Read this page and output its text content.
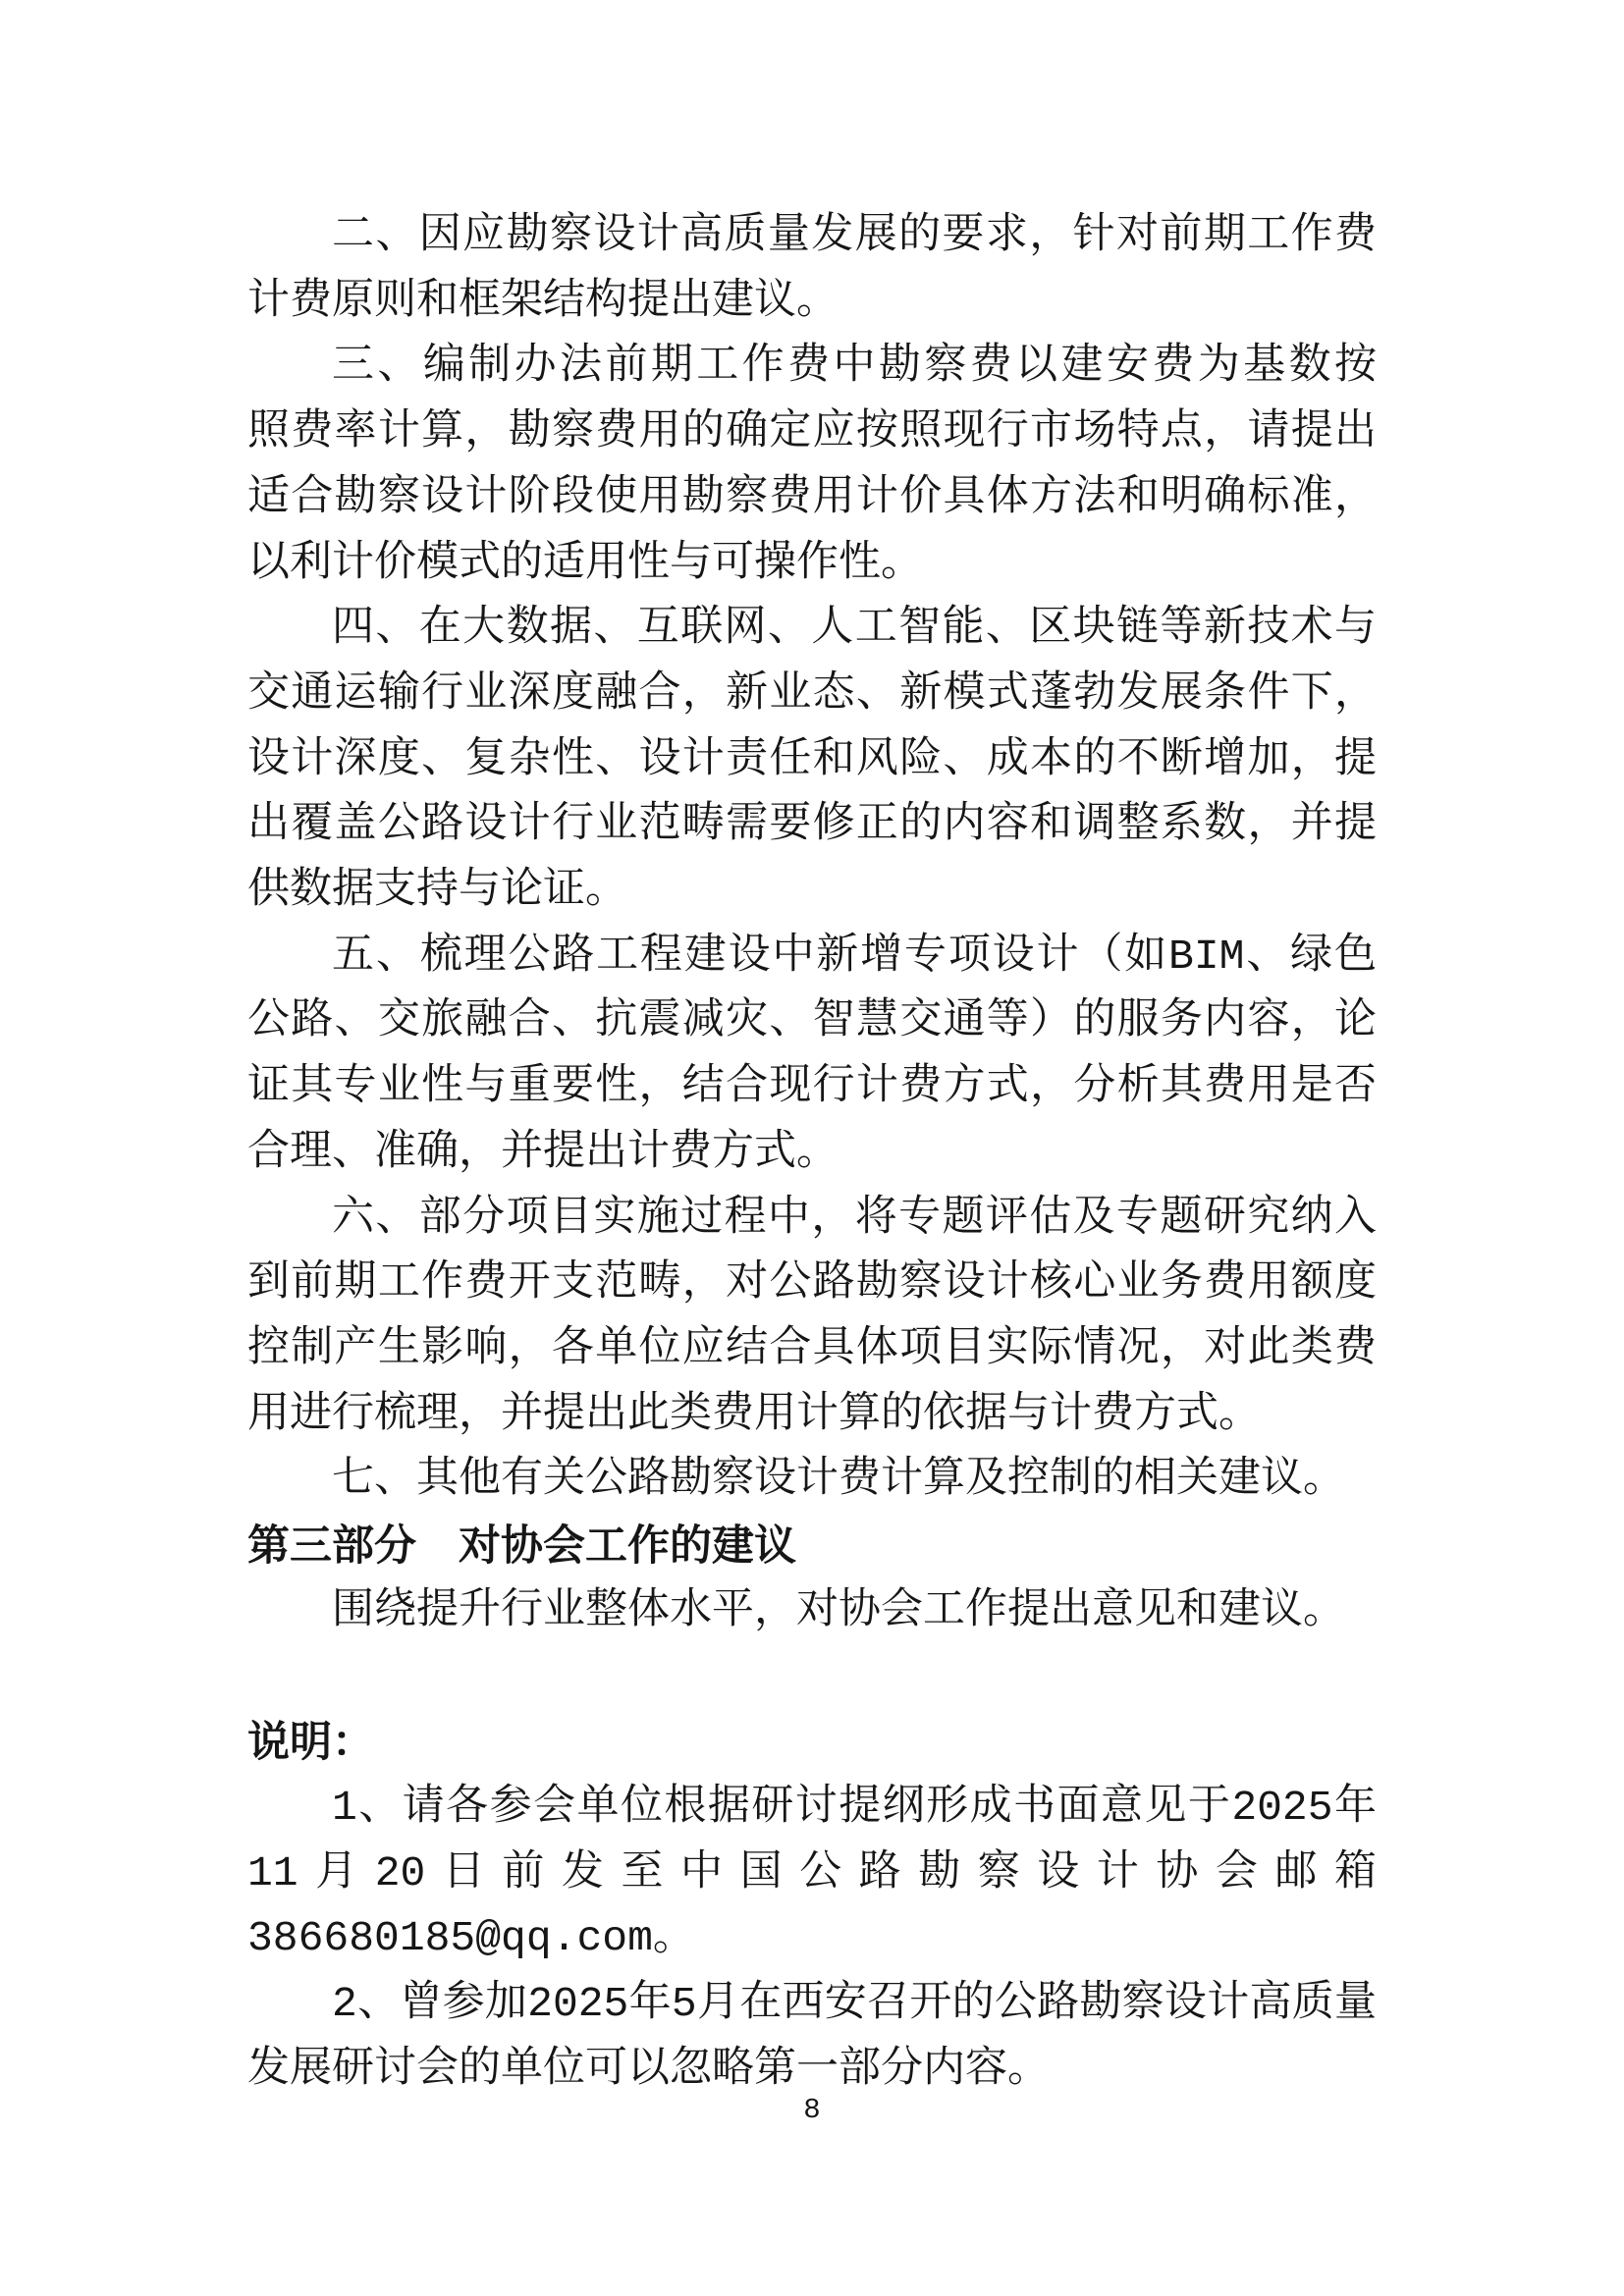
二、因应勘察设计高质量发展的要求，针对前期工作费
计费原则和框架结构提出建议。
三、编制办法前期工作费中勘察费以建安费为基数按
照费率计算，勘察费用的确定应按照现行市场特点，请提出
适合勘察设计阶段使用勘察费用计价具体方法和明确标准，
以利计价模式的适用性与可操作性。
四、在大数据、互联网、人工智能、区块链等新技术与
交通运输行业深度融合，新业态、新模式蓬勃发展条件下，
设计深度、复杂性、设计责任和风险、成本的不断增加，提
出覆盖公路设计行业范畴需要修正的内容和调整系数，并提
供数据支持与论证。
五、梳理公路工程建设中新增专项设计（如BIM、绿色
公路、交旅融合、抗震减灾、智慧交通等）的服务内容，论
证其专业性与重要性，结合现行计费方式，分析其费用是否
合理、准确，并提出计费方式。
六、部分项目实施过程中，将专题评估及专题研究纳入
到前期工作费开支范畴，对公路勘察设计核心业务费用额度
控制产生影响，各单位应结合具体项目实际情况，对此类费
用进行梳理，并提出此类费用计算的依据与计费方式。
七、其他有关公路勘察设计费计算及控制的相关建议。
第三部分　对协会工作的建议
围绕提升行业整体水平，对协会工作提出意见和建议。
说明：
1、请各参会单位根据研讨提纲形成书面意见于2025年
11月20日前发至中国公路勘察设计协会邮箱
386680185@qq.com。
2、曾参加2025年5月在西安召开的公路勘察设计高质量
发展研讨会的单位可以忽略第一部分内容。
8
